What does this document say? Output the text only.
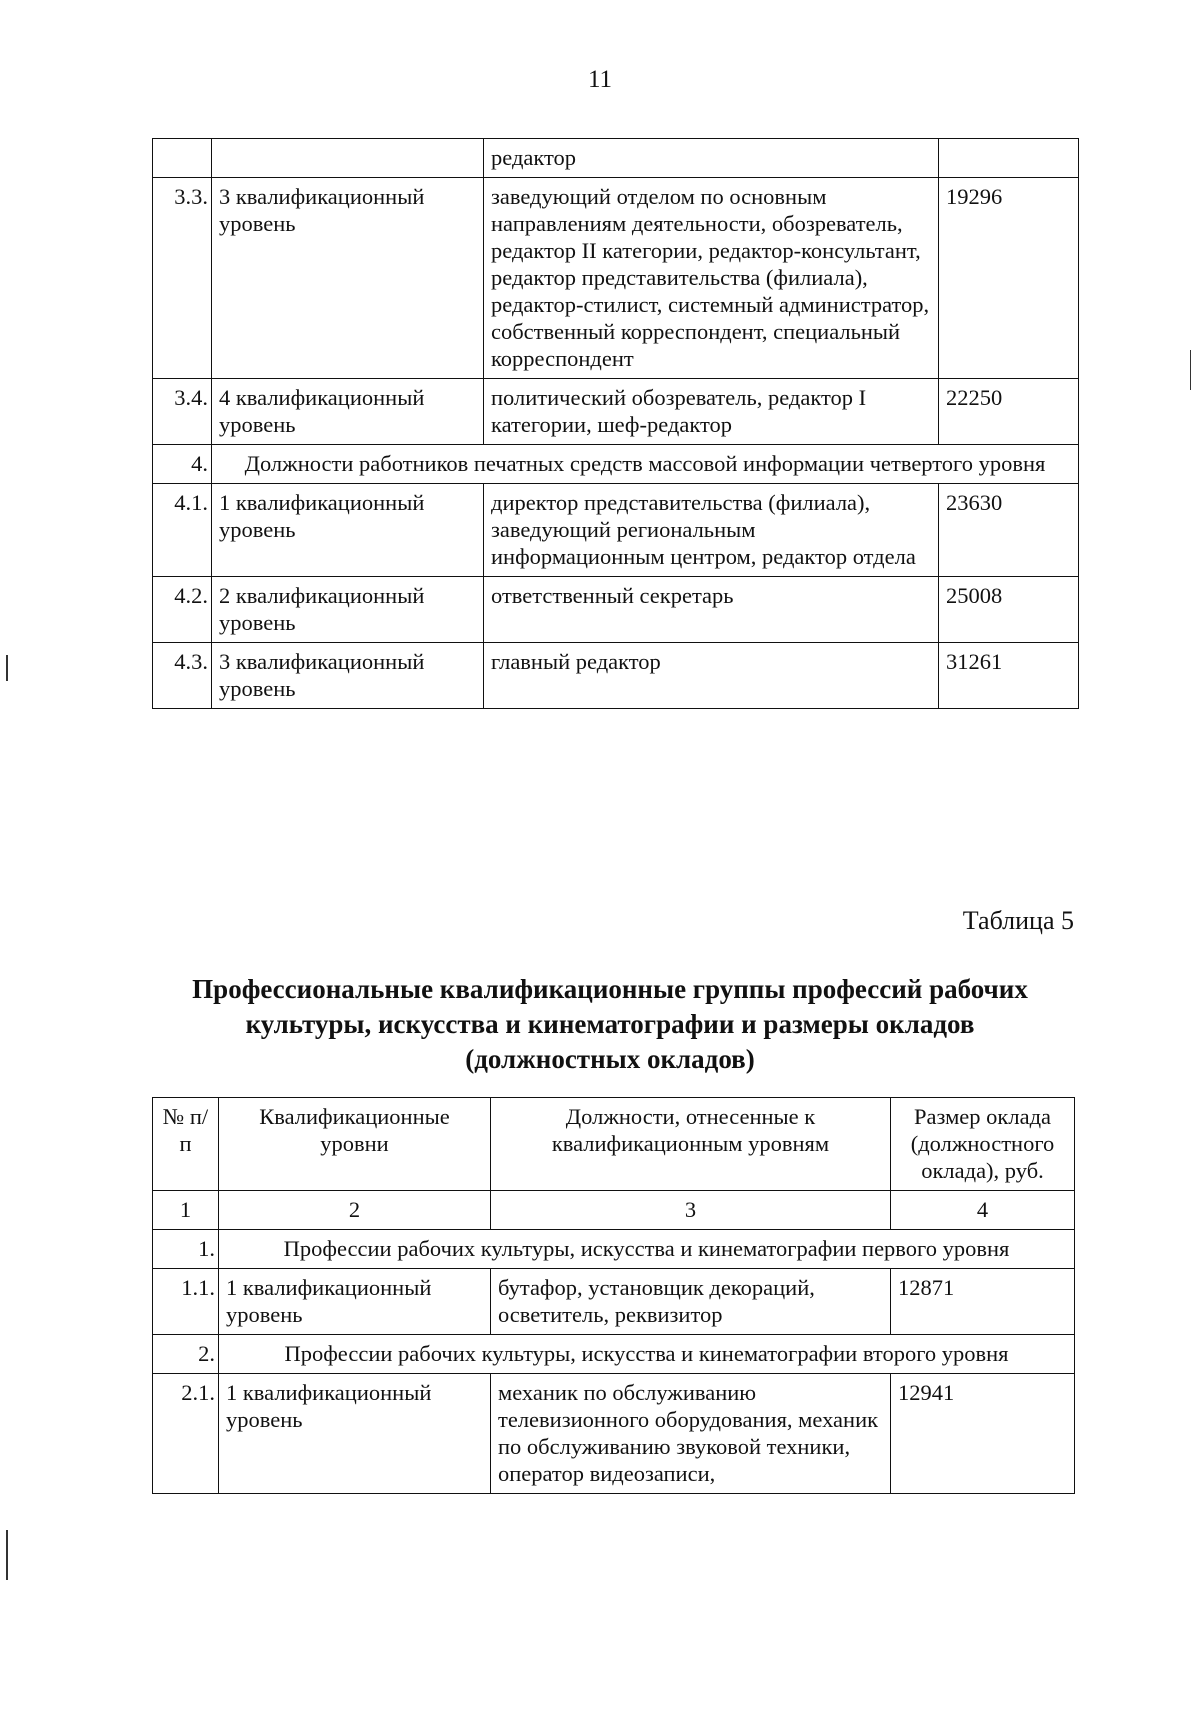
11
		редактор	
3.3.	3 квалификационный уровень	заведующий отделом по основным направлениям деятельности, обозреватель, редактор II категории, редактор-консультант, редактор представительства (филиала), редактор-стилист, системный администратор, собственный корреспондент, специальный корреспондент	19296
3.4.	4 квалификационный уровень	политический обозреватель, редактор I категории, шеф-редактор	22250
4.	Должности работников печатных средств массовой информации четвертого уровня		
4.1.	1 квалификационный уровень	директор представительства (филиала), заведующий региональным информационным центром, редактор отдела	23630
4.2.	2 квалификационный уровень	ответственный секретарь	25008
4.3.	3 квалификационный уровень	главный редактор	31261
Таблица 5
Профессиональные квалификационные группы профессий рабочих
культуры, искусства и кинематографии и размеры окладов
(должностных окладов)
№ п/п	Квалификационные уровни	Должности, отнесенные к квалификационным уровням	Размер оклада (должностного оклада), руб.
1	2	3	4
1.	Профессии рабочих культуры, искусства и кинематографии первого уровня		
1.1.	1 квалификационный уровень	бутафор, установщик декораций, осветитель, реквизитор	12871
2.	Профессии рабочих культуры, искусства и кинематографии второго уровня		
2.1.	1 квалификационный уровень	механик по обслуживанию телевизионного оборудования, механик по обслуживанию звуковой техники, оператор видеозаписи,	12941
